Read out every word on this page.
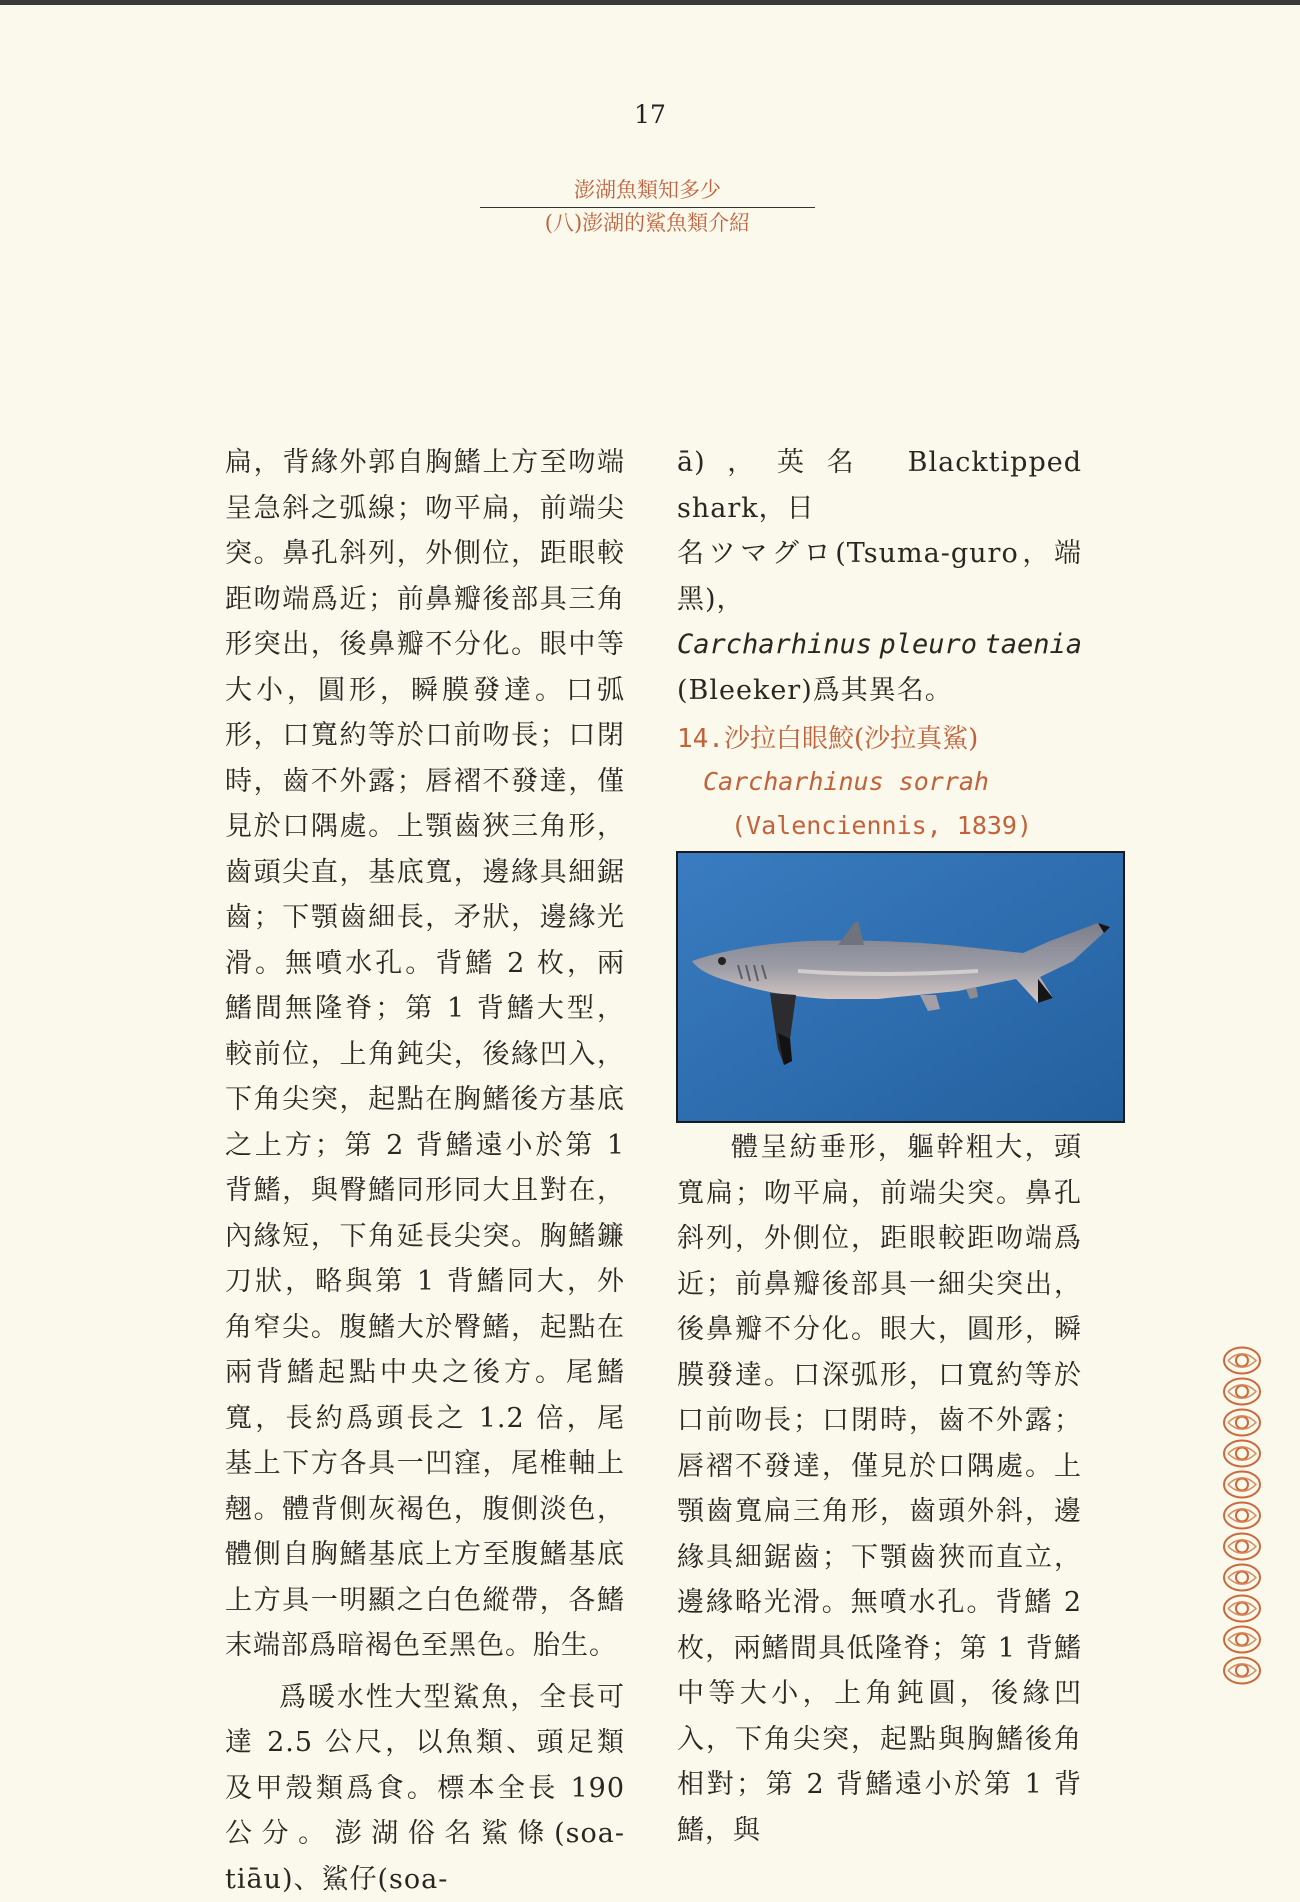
17
澎湖魚類知多少
(八)澎湖的鯊魚類介紹

扁，背緣外郭自胸鰭上方至吻端呈急斜之弧線；吻平扁，前端尖突。鼻孔斜列，外側位，距眼較距吻端爲近；前鼻瓣後部具三角形突出，後鼻瓣不分化。眼中等大小，圓形，瞬膜發達。口弧形，口寬約等於口前吻長；口閉時，齒不外露；唇褶不發達，僅見於口隅處。上顎齒狹三角形，齒頭尖直，基底寬，邊緣具細鋸齒；下顎齒細長，矛狀，邊緣光滑。無噴水孔。背鰭 2 枚，兩鰭間無隆脊；第 1 背鰭大型，較前位，上角鈍尖，後緣凹入，下角尖突，起點在胸鰭後方基底之上方；第 2 背鰭遠小於第 1 背鰭，與臀鰭同形同大且對在，內緣短，下角延長尖突。胸鰭鐮刀狀，略與第 1 背鰭同大，外角窄尖。腹鰭大於臀鰭，起點在兩背鰭起點中央之後方。尾鰭寬，長約爲頭長之 1.2 倍，尾基上下方各具一凹窪，尾椎軸上翹。體背側灰褐色，腹側淡色，體側自胸鰭基底上方至腹鰭基底上方具一明顯之白色縱帶，各鰭末端部爲暗褐色至黑色。胎生。

爲暖水性大型鯊魚，全長可達 2.5 公尺，以魚類、頭足類及甲殼類爲食。標本全長 190 公分。澎湖俗名鯊條(soa-tiāu)、鯊仔(soa-

ā)，英名 Blacktipped shark，日

名ツマグロ(Tsuma-guro，端黑)，

Carcharhinus pleuro taenia

(Bleeker)爲其異名。

14.沙拉白眼鮫(沙拉真鯊)
Carcharhinus sorrah
(Valenciennis, 1839)

體呈紡垂形，軀幹粗大，頭寬扁；吻平扁，前端尖突。鼻孔斜列，外側位，距眼較距吻端爲近；前鼻瓣後部具一細尖突出，後鼻瓣不分化。眼大，圓形，瞬膜發達。口深弧形，口寬約等於口前吻長；口閉時，齒不外露；唇褶不發達，僅見於口隅處。上顎齒寬扁三角形，齒頭外斜，邊緣具細鋸齒；下顎齒狹而直立，邊緣略光滑。無噴水孔。背鰭 2 枚，兩鰭間具低隆脊；第 1 背鰭中等大小，上角鈍圓，後緣凹入，下角尖突，起點與胸鰭後角相對；第 2 背鰭遠小於第 1 背鰭，與
